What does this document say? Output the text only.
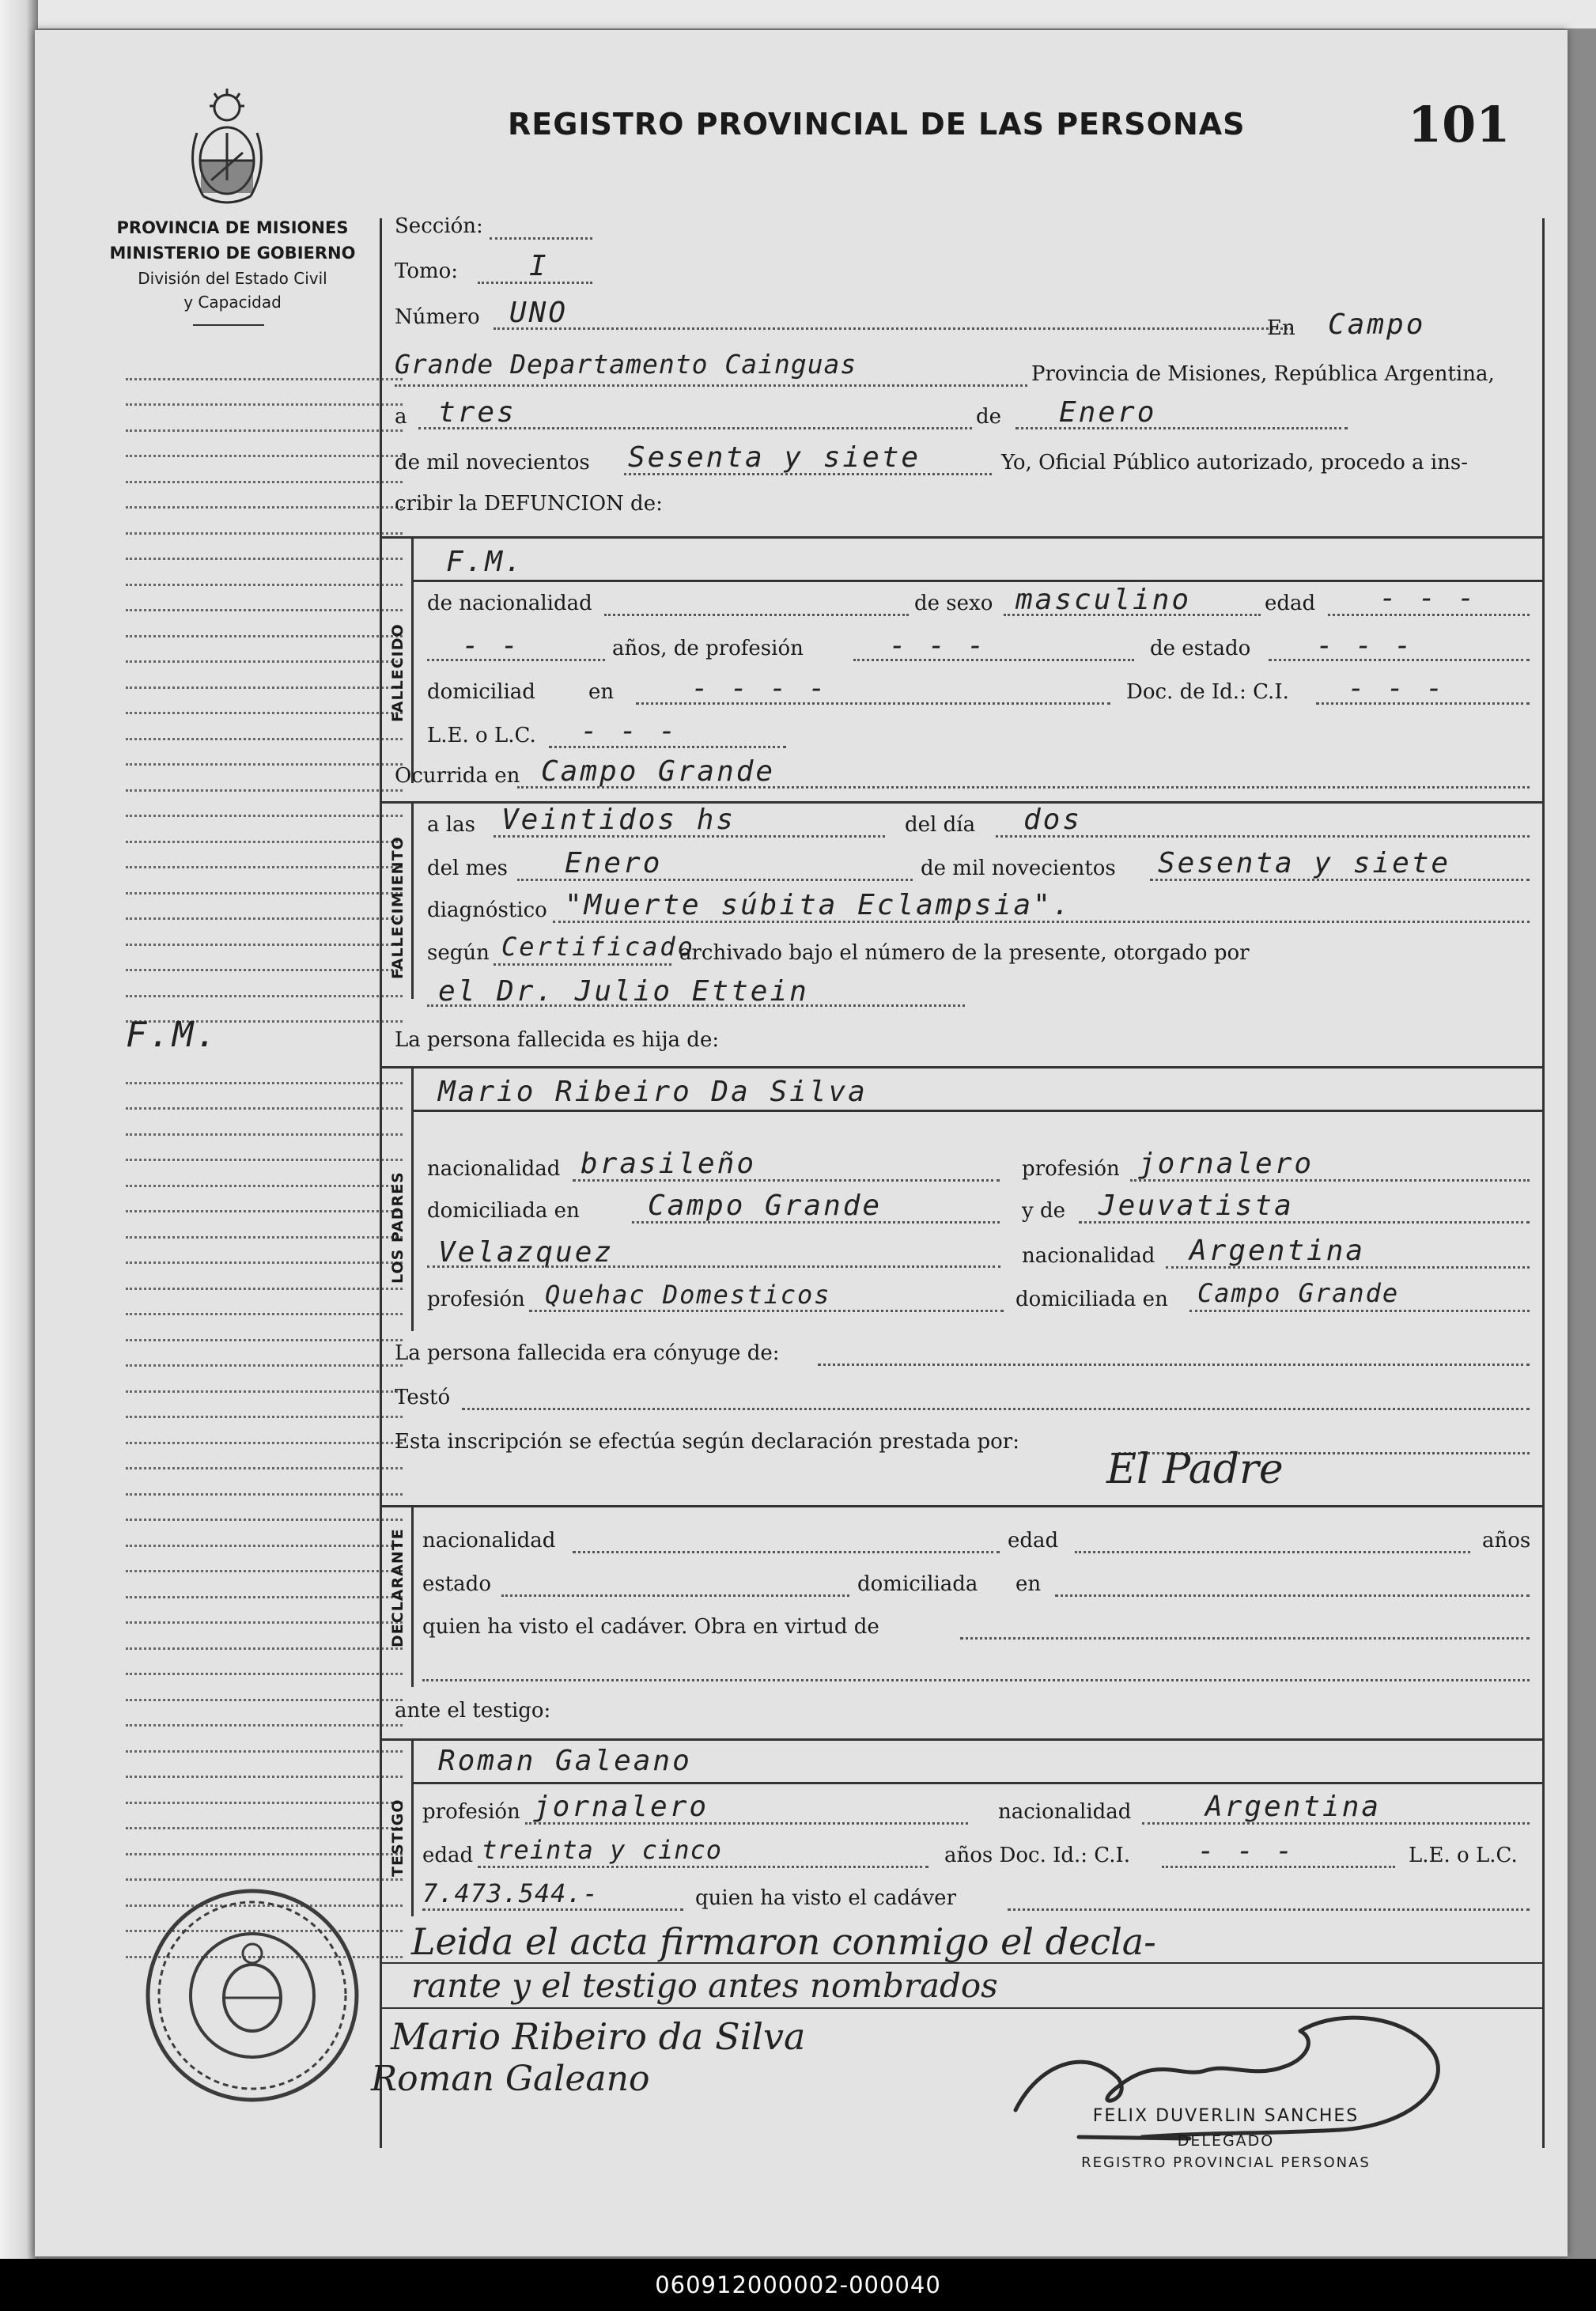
REGISTRO PROVINCIAL DE LAS PERSONAS	101
PROVINCIA DE MISIONES
MINISTERIO DE GOBIERNO
División del Estado Civil
y Capacidad
Sección:
Tomo: I
Número UNO	En Campo
Grande Departamento Cainguas	Provincia de Misiones, República Argentina,
a tres	de Enero
de mil novecientos Sesenta y siete	Yo, Oficial Público autorizado, procedo a ins-
cribir la DEFUNCION de:
FALLECIDO
F.M.
de nacionalidad	de sexo masculino	edad - - -
- -	años, de profesión	- - -	de estado - - -
domiciliad	en	- - - -	Doc. de Id.: C.I. - - -
L.E. o L.C. - - -
Ocurrida en Campo Grande
FALLECIMIENTO
a las Veintidos hs	del día dos
del mes Enero	de mil novecientos Sesenta y siete
diagnóstico "Muerte súbita Eclampsia".
según Certificado
archivado bajo el número de la presente, otorgado por
el Dr. Julio Ettein
F.M.	La persona fallecida es hija de:
LOS PADRES
Mario Ribeiro Da Silva
nacionalidad brasileño	profesión jornalero
domiciliada en Campo Grande	y de Jeuvatista
Velazquez	nacionalidad Argentina
profesión Quehac Domesticos	domiciliada en Campo Grande
La persona fallecida era cónyuge de:
Testó
Esta inscripción se efectúa según declaración prestada por:
El Padre
DECLARANTE nacionalidad	edad	años
estado	domiciliada en
quien ha visto el cadáver. Obra en virtud de
ante el testigo:
TESTIGO
Roman Galeano
profesión jornalero	nacionalidad	Argentina
edad treinta y cinco	años Doc. Id.: C.I. - - -	L.E. o L.C.
7.473.544.-	quien ha visto el cadáver
Leida el acta firmaron conmigo el decla-
rante y el testigo antes nombrados
Mario Ribeiro da Silva
Roman Galeano
FELIX DUVERLIN SANCHES
DELEGADO
REGISTRO PROVINCIAL PERSONAS
060912000002-000040
